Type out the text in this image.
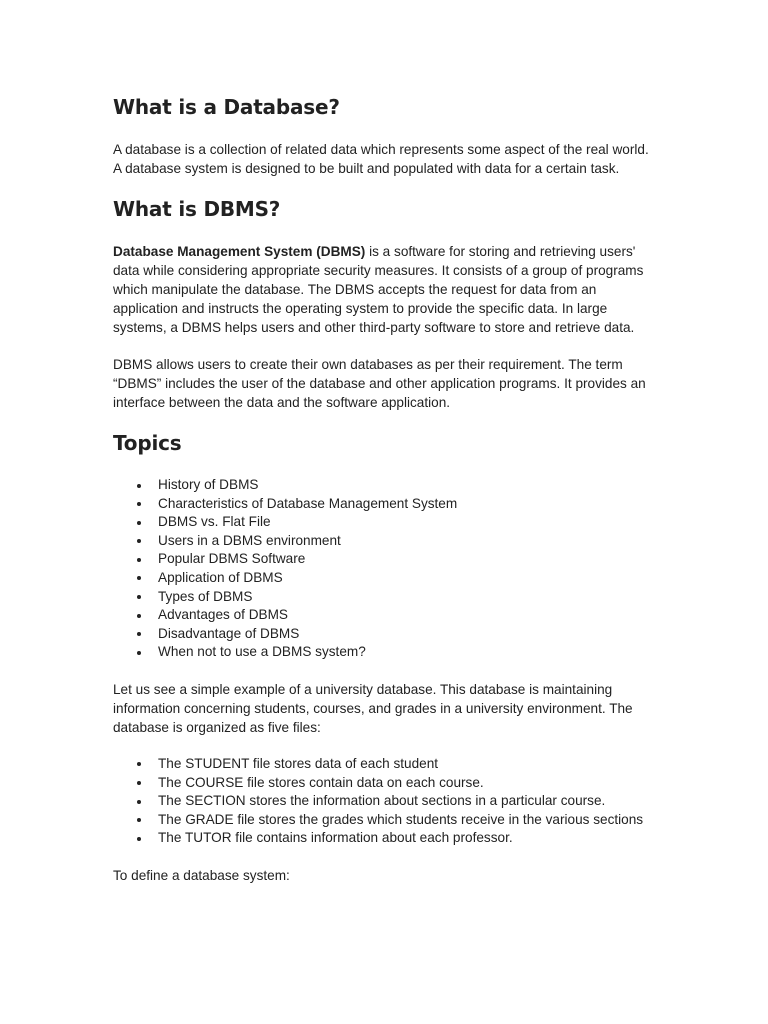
What is a Database?

A database is a collection of related data which represents some aspect of the real world. A database system is designed to be built and populated with data for a certain task.

What is DBMS?

Database Management System (DBMS) is a software for storing and retrieving users' data while considering appropriate security measures. It consists of a group of programs which manipulate the database. The DBMS accepts the request for data from an application and instructs the operating system to provide the specific data. In large systems, a DBMS helps users and other third-party software to store and retrieve data.

DBMS allows users to create their own databases as per their requirement. The term “DBMS” includes the user of the database and other application programs. It provides an interface between the data and the software application.

Topics
History of DBMS
Characteristics of Database Management System
DBMS vs. Flat File
Users in a DBMS environment
Popular DBMS Software
Application of DBMS
Types of DBMS
Advantages of DBMS
Disadvantage of DBMS
When not to use a DBMS system?

Let us see a simple example of a university database. This database is maintaining information concerning students, courses, and grades in a university environment. The database is organized as five files:

The STUDENT file stores data of each student
The COURSE file stores contain data on each course.
The SECTION stores the information about sections in a particular course.
The GRADE file stores the grades which students receive in the various sections
The TUTOR file contains information about each professor.

To define a database system:
